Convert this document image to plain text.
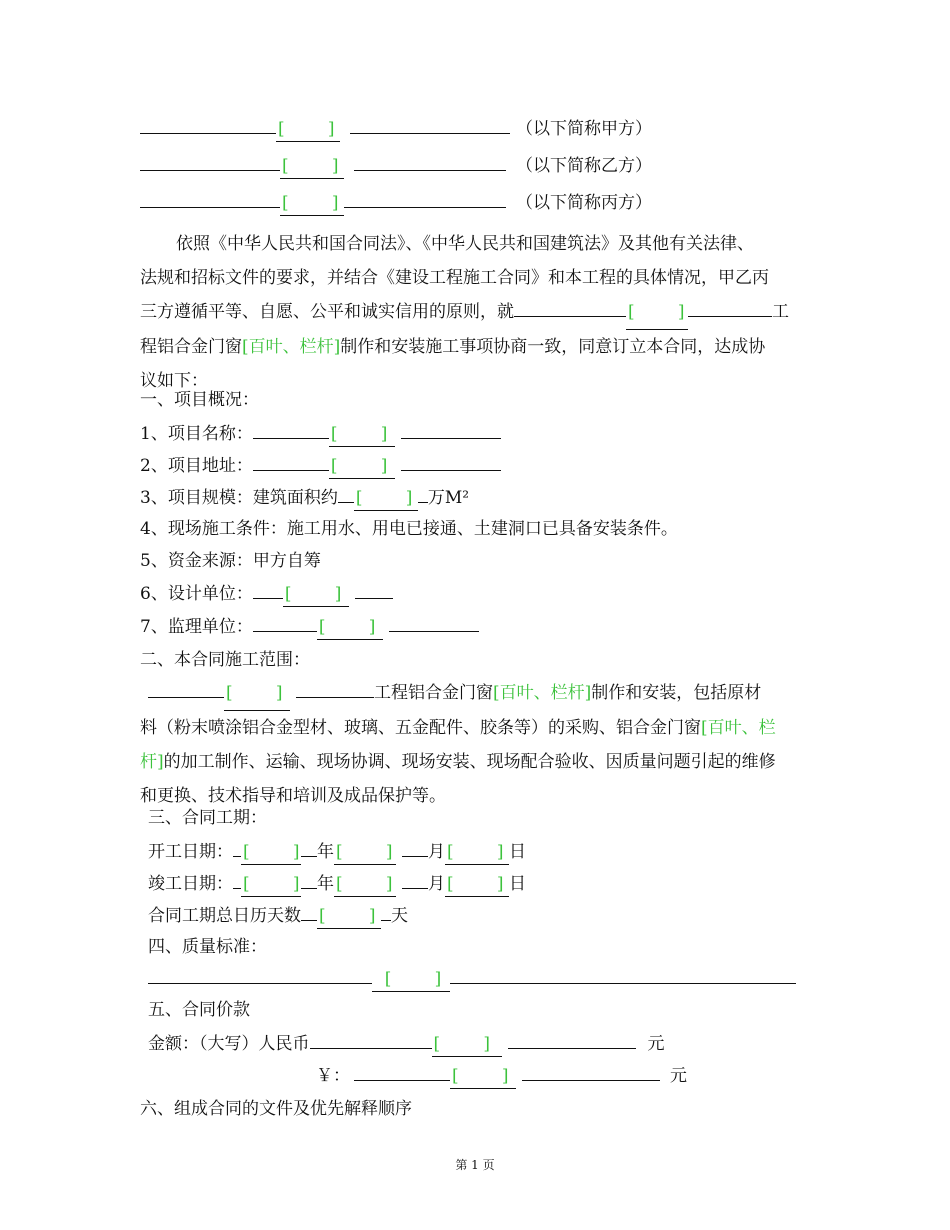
[        ]	（以下简称甲方）
[        ]	（以下简称乙方）
[        ]	（以下简称丙方）
依照《中华人民共和国合同法》、《中华人民共和国建筑法》及其他有关法律、
法规和招标文件的要求，并结合《建设工程施工合同》和本工程的具体情况，甲乙丙
三方遵循平等、自愿、公平和诚实信用的原则，就	[        ]	工
程铝合金门窗[百叶、栏杆]制作和安装施工事项协商一致，同意订立本合同，达成协
议如下：
一、项目概况：
1、项目名称：	[        ]
2、项目地址：	[        ]
3、项目规模：建筑面积约 [        ] 万M²
4、现场施工条件：施工用水、用电已接通、土建洞口已具备安装条件。
5、资金来源：甲方自筹
6、设计单位： [        ]
7、监理单位：	[        ]
二、本合同施工范围：
[        ]	工程铝合金门窗[百叶、栏杆]制作和安装，包括原材
料（粉末喷涂铝合金型材、玻璃、五金配件、胶条等）的采购、铝合金门窗[百叶、栏
杆]的加工制作、运输、现场协调、现场安装、现场配合验收、因质量问题引起的维修
和更换、技术指导和培训及成品保护等。
三、合同工期：
开工日期： [        ] 年 [        ] 月 [        ] 日
竣工日期： [        ] 年 [        ] 月 [        ] 日
合同工期总日历天数 [        ] 天
四、质量标准：
[        ]
五、合同价款
金额：（大写）人民币	[        ]	元
￥：	[        ]	元
六、组成合同的文件及优先解释顺序
第 1 页
